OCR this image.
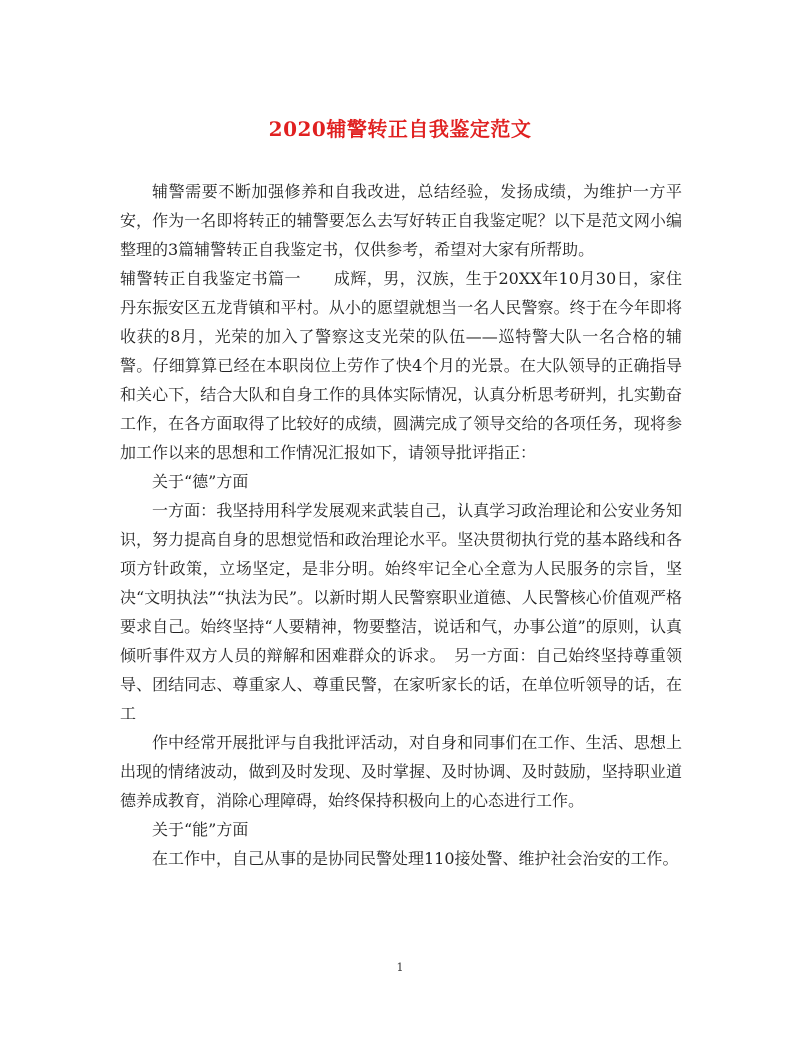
2020辅警转正自我鉴定范文

辅警需要不断加强修养和自我改进，总结经验，发扬成绩，为维护一方平安，作为一名即将转正的辅警要怎么去写好转正自我鉴定呢？以下是范文网小编整理的3篇辅警转正自我鉴定书，仅供参考，希望对大家有所帮助。

辅警转正自我鉴定书篇一　　成辉，男，汉族，生于20XX年10月30日，家住丹东振安区五龙背镇和平村。从小的愿望就想当一名人民警察。终于在今年即将收获的8月，光荣的加入了警察这支光荣的队伍——巡特警大队一名合格的辅警。仔细算算已经在本职岗位上劳作了快4个月的光景。在大队领导的正确指导和关心下，结合大队和自身工作的具体实际情况，认真分析思考研判，扎实勤奋工作，在各方面取得了比较好的成绩，圆满完成了领导交给的各项任务，现将参加工作以来的思想和工作情况汇报如下，请领导批评指正：

关于“德”方面

一方面：我坚持用科学发展观来武装自己，认真学习政治理论和公安业务知识，努力提高自身的思想觉悟和政治理论水平。坚决贯彻执行党的基本路线和各项方针政策，立场坚定，是非分明。始终牢记全心全意为人民服务的宗旨，坚决“文明执法”“执法为民”。以新时期人民警察职业道德、人民警核心价值观严格要求自己。始终坚持“人要精神，物要整洁，说话和气，办事公道”的原则，认真倾听事件双方人员的辩解和困难群众的诉求。　另一方面：自己始终坚持尊重领导、团结同志、尊重家人、尊重民警，在家听家长的话，在单位听领导的话，在工

作中经常开展批评与自我批评活动，对自身和同事们在工作、生活、思想上出现的情绪波动，做到及时发现、及时掌握、及时协调、及时鼓励，坚持职业道德养成教育，消除心理障碍，始终保持积极向上的心态进行工作。

关于“能”方面

在工作中，自己从事的是协同民警处理110接处警、维护社会治安的工作。

1
